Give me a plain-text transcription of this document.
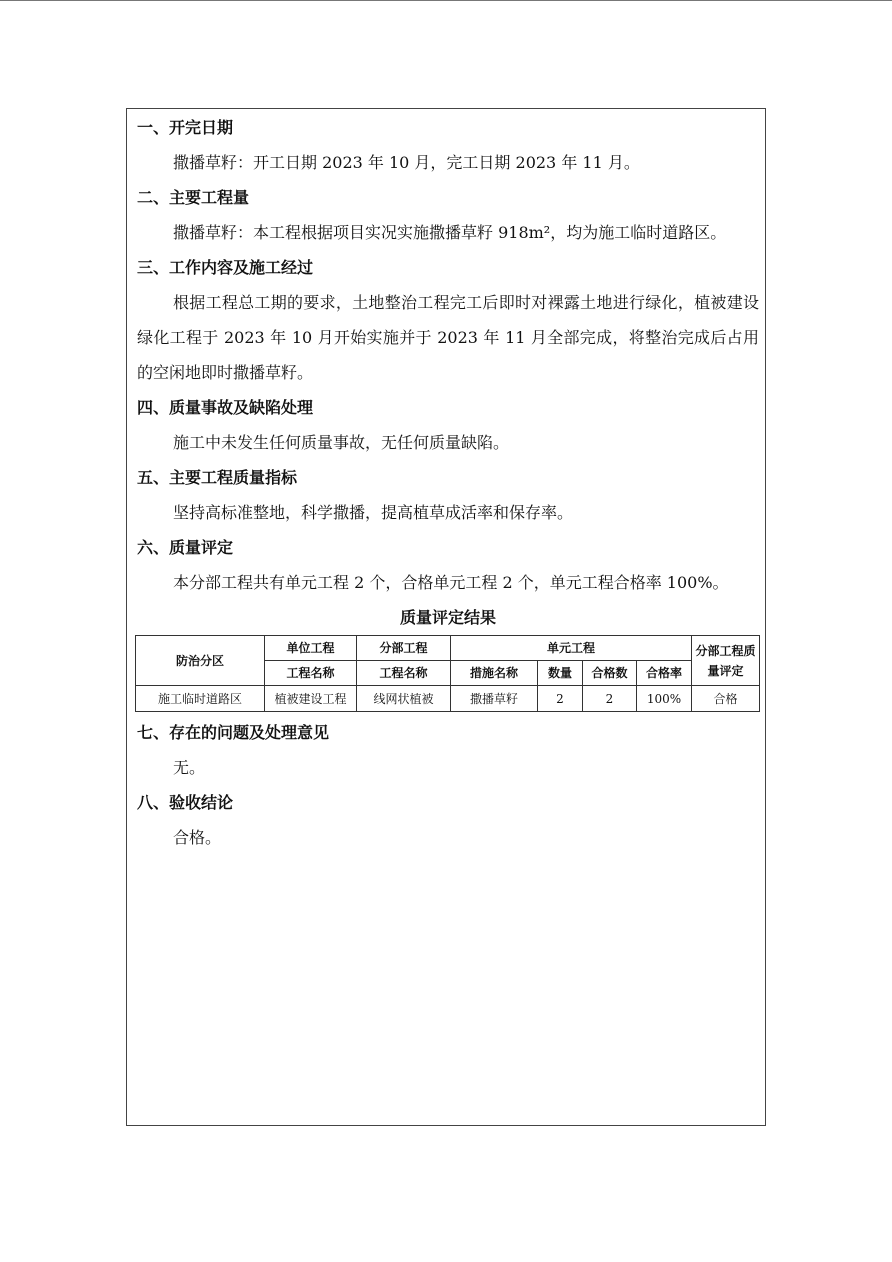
一、开完日期
撒播草籽：开工日期 2023 年 10 月，完工日期 2023 年 11 月。
二、主要工程量
撒播草籽：本工程根据项目实况实施撒播草籽 918m²，均为施工临时道路区。
三、工作内容及施工经过
根据工程总工期的要求，土地整治工程完工后即时对裸露土地进行绿化，植被建设绿化工程于 2023 年 10 月开始实施并于 2023 年 11 月全部完成，将整治完成后占用的空闲地即时撒播草籽。
四、质量事故及缺陷处理
施工中未发生任何质量事故，无任何质量缺陷。
五、主要工程质量指标
坚持高标准整地，科学撒播，提高植草成活率和保存率。
六、质量评定
本分部工程共有单元工程 2 个，合格单元工程 2 个，单元工程合格率 100%。
质量评定结果
防治分区	单位工程	分部工程	单元工程				分部工程质量评定
	工程名称	工程名称	措施名称	数量	合格数	合格率	
施工临时道路区	植被建设工程	线网状植被	撒播草籽	2	2	100%	合格
七、存在的问题及处理意见
无。
八、验收结论
合格。
